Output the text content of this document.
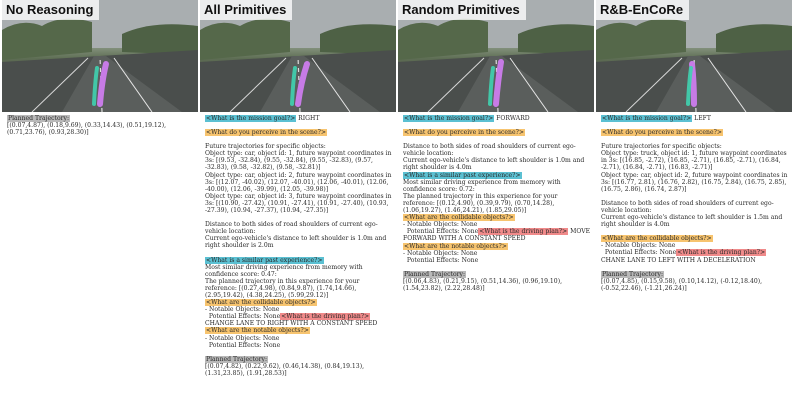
No Reasoning

Planned Trajectory:

[(0.07,4.87), (0.18,9.69), (0.33,14.43), (0.51,19.12), (0.71,23.76), (0.93,28.30)]

All Primitives

<What is the mission goal?> RIGHT

<What do you perceive in the scene?>

Future trajectories for specific objects:

Object type: car, object id: 1, future waypoint coordinates in 3s: [(9.53, -32.84), (9.55, -32.84), (9.55, -32.83), (9.57, -32.83), (9.58, -32.82), (9.58, -32.81)]

Object type: car, object id: 2, future waypoint coordinates in 3s: [(12.07, -40.02), (12.07, -40.01), (12.06, -40.01), (12.06, -40.00), (12.06, -39.99), (12.05, -39.98)]

Object type: car, object id: 3, future waypoint coordinates in 3s: [(10.90, -27.42), (10.91, -27.41), (10.91, -27.40), (10.93, -27.39), (10.94, -27.37), (10.94, -27.35)]

Distance to both sides of road shoulders of current ego-vehicle location:

Current ego-vehicle's distance to left shoulder is 1.0m and right shoulder is 2.0m

<What is a similar past experience?>

Most similar driving experience from memory with confidence score: 0.47:

The planned trajectory in this experience for your reference: [(0.27,4.98), (0.84,9.87), (1.74,14.66), (2.95,19.42), (4.38,24.25), (5.99,29.12)]

<What are the collidable objects?>

- Notable Objects: None

Potential Effects: None<What is the driving plan?>

CHANGE LANE TO RIGHT WITH A CONSTANT SPEED

<What are the notable objects?>

- Notable Objects: None

Potential Effects: None

Planned Trajectory:

[(0.07,4.82), (0.22,9.62), (0.46,14.38), (0.84,19.13), (1.31,23.85), (1.91,28.53)]

Random Primitives

<What is the mission goal?> FORWARD

<What do you perceive in the scene?>

Distance to both sides of road shoulders of current ego-vehicle location:

Current ego-vehicle's distance to left shoulder is 1.0m and right shoulder is 4.0m

<What is a similar past experience?>

Most similar driving experience from memory with confidence score: 0.72:

The planned trajectory in this experience for your reference: [(0.12,4.90), (0.39,9.79), (0.70,14.28), (1.06,19.27), (1.46,24.21), (1.85,29.05)]

<What are the collidable objects?>

- Notable Objects: None

Potential Effects: None<What is the driving plan?> MOVE FORWARD WITH A CONSTANT SPEED

<What are the notable objects?>

- Notable Objects: None

Potential Effects: None

Planned Trajectory:

[(0.06,4.83), (0.21,9.15), (0.51,14.36), (0.96,19.10), (1.54,23.82), (2.22,28.48)]

R&B-EnCoRe

<What is the mission goal?> LEFT

<What do you perceive in the scene?>

Future trajectories for specific objects:

Object type: truck, object id: 1, future waypoint coordinates in 3s: [(16.85, -2.72), (16.85, -2.71), (16.85, -2.71), (16.84, -2.71), (16.84, -2.71), (16.83, -2.71)]

Object type: car, object id: 2, future waypoint coordinates in 3s: [(16.77, 2.81), (16.76, 2.82), (16.75, 2.84), (16.75, 2.85), (16.75, 2.86), (16.74, 2.87)]

Distance to both sides of road shoulders of current ego-vehicle location:

Current ego-vehicle's distance to left shoulder is 1.5m and right shoulder is 4.0m

<What are the collidable objects?>

- Notable Objects: None

Potential Effects: None<What is the driving plan?> CHANE LANE TO LEFT WITH A DECELERATION

Planned Trajectory:

[(0.07,4.85), (0.15,9.58), (0.10,14.12), (-0.12,18.40), (-0.52,22.46), (-1.21,26.24)]
